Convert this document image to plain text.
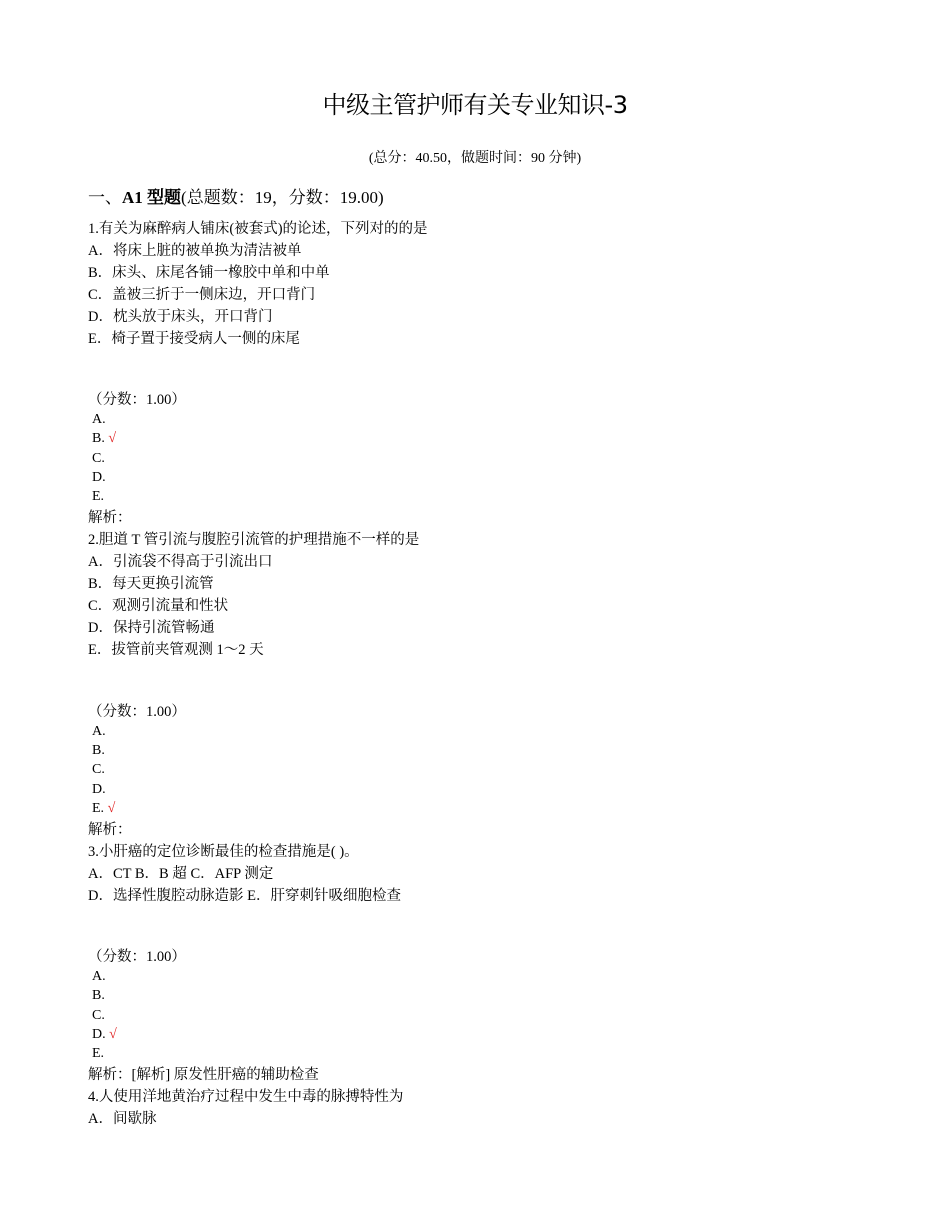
中级主管护师有关专业知识-3
(总分：40.50，做题时间：90 分钟)
一、A1 型题(总题数：19，分数：19.00)
1.有关为麻醉病人铺床(被套式)的论述，下列对的的是
A．将床上脏的被单换为清洁被单
B．床头、床尾各铺一橡胶中单和中单
C．盖被三折于一侧床边，开口背门
D．枕头放于床头，开口背门
E．椅子置于接受病人一侧的床尾
（分数：1.00）
A.
B. √
C.
D.
E.
解析：
2.胆道 T 管引流与腹腔引流管的护理措施不一样的是
A．引流袋不得高于引流出口
B．每天更换引流管
C．观测引流量和性状
D．保持引流管畅通
E．拔管前夹管观测 1～2 天
（分数：1.00）
A.
B.
C.
D.
E. √
解析：
3.小肝癌的定位诊断最佳的检查措施是( )。
A．CT B．B 超 C．AFP 测定
D．选择性腹腔动脉造影 E．肝穿刺针吸细胞检查
（分数：1.00）
A.
B.
C.
D. √
E.
解析：[解析] 原发性肝癌的辅助检查
4.人使用洋地黄治疗过程中发生中毒的脉搏特性为
A．间歇脉
